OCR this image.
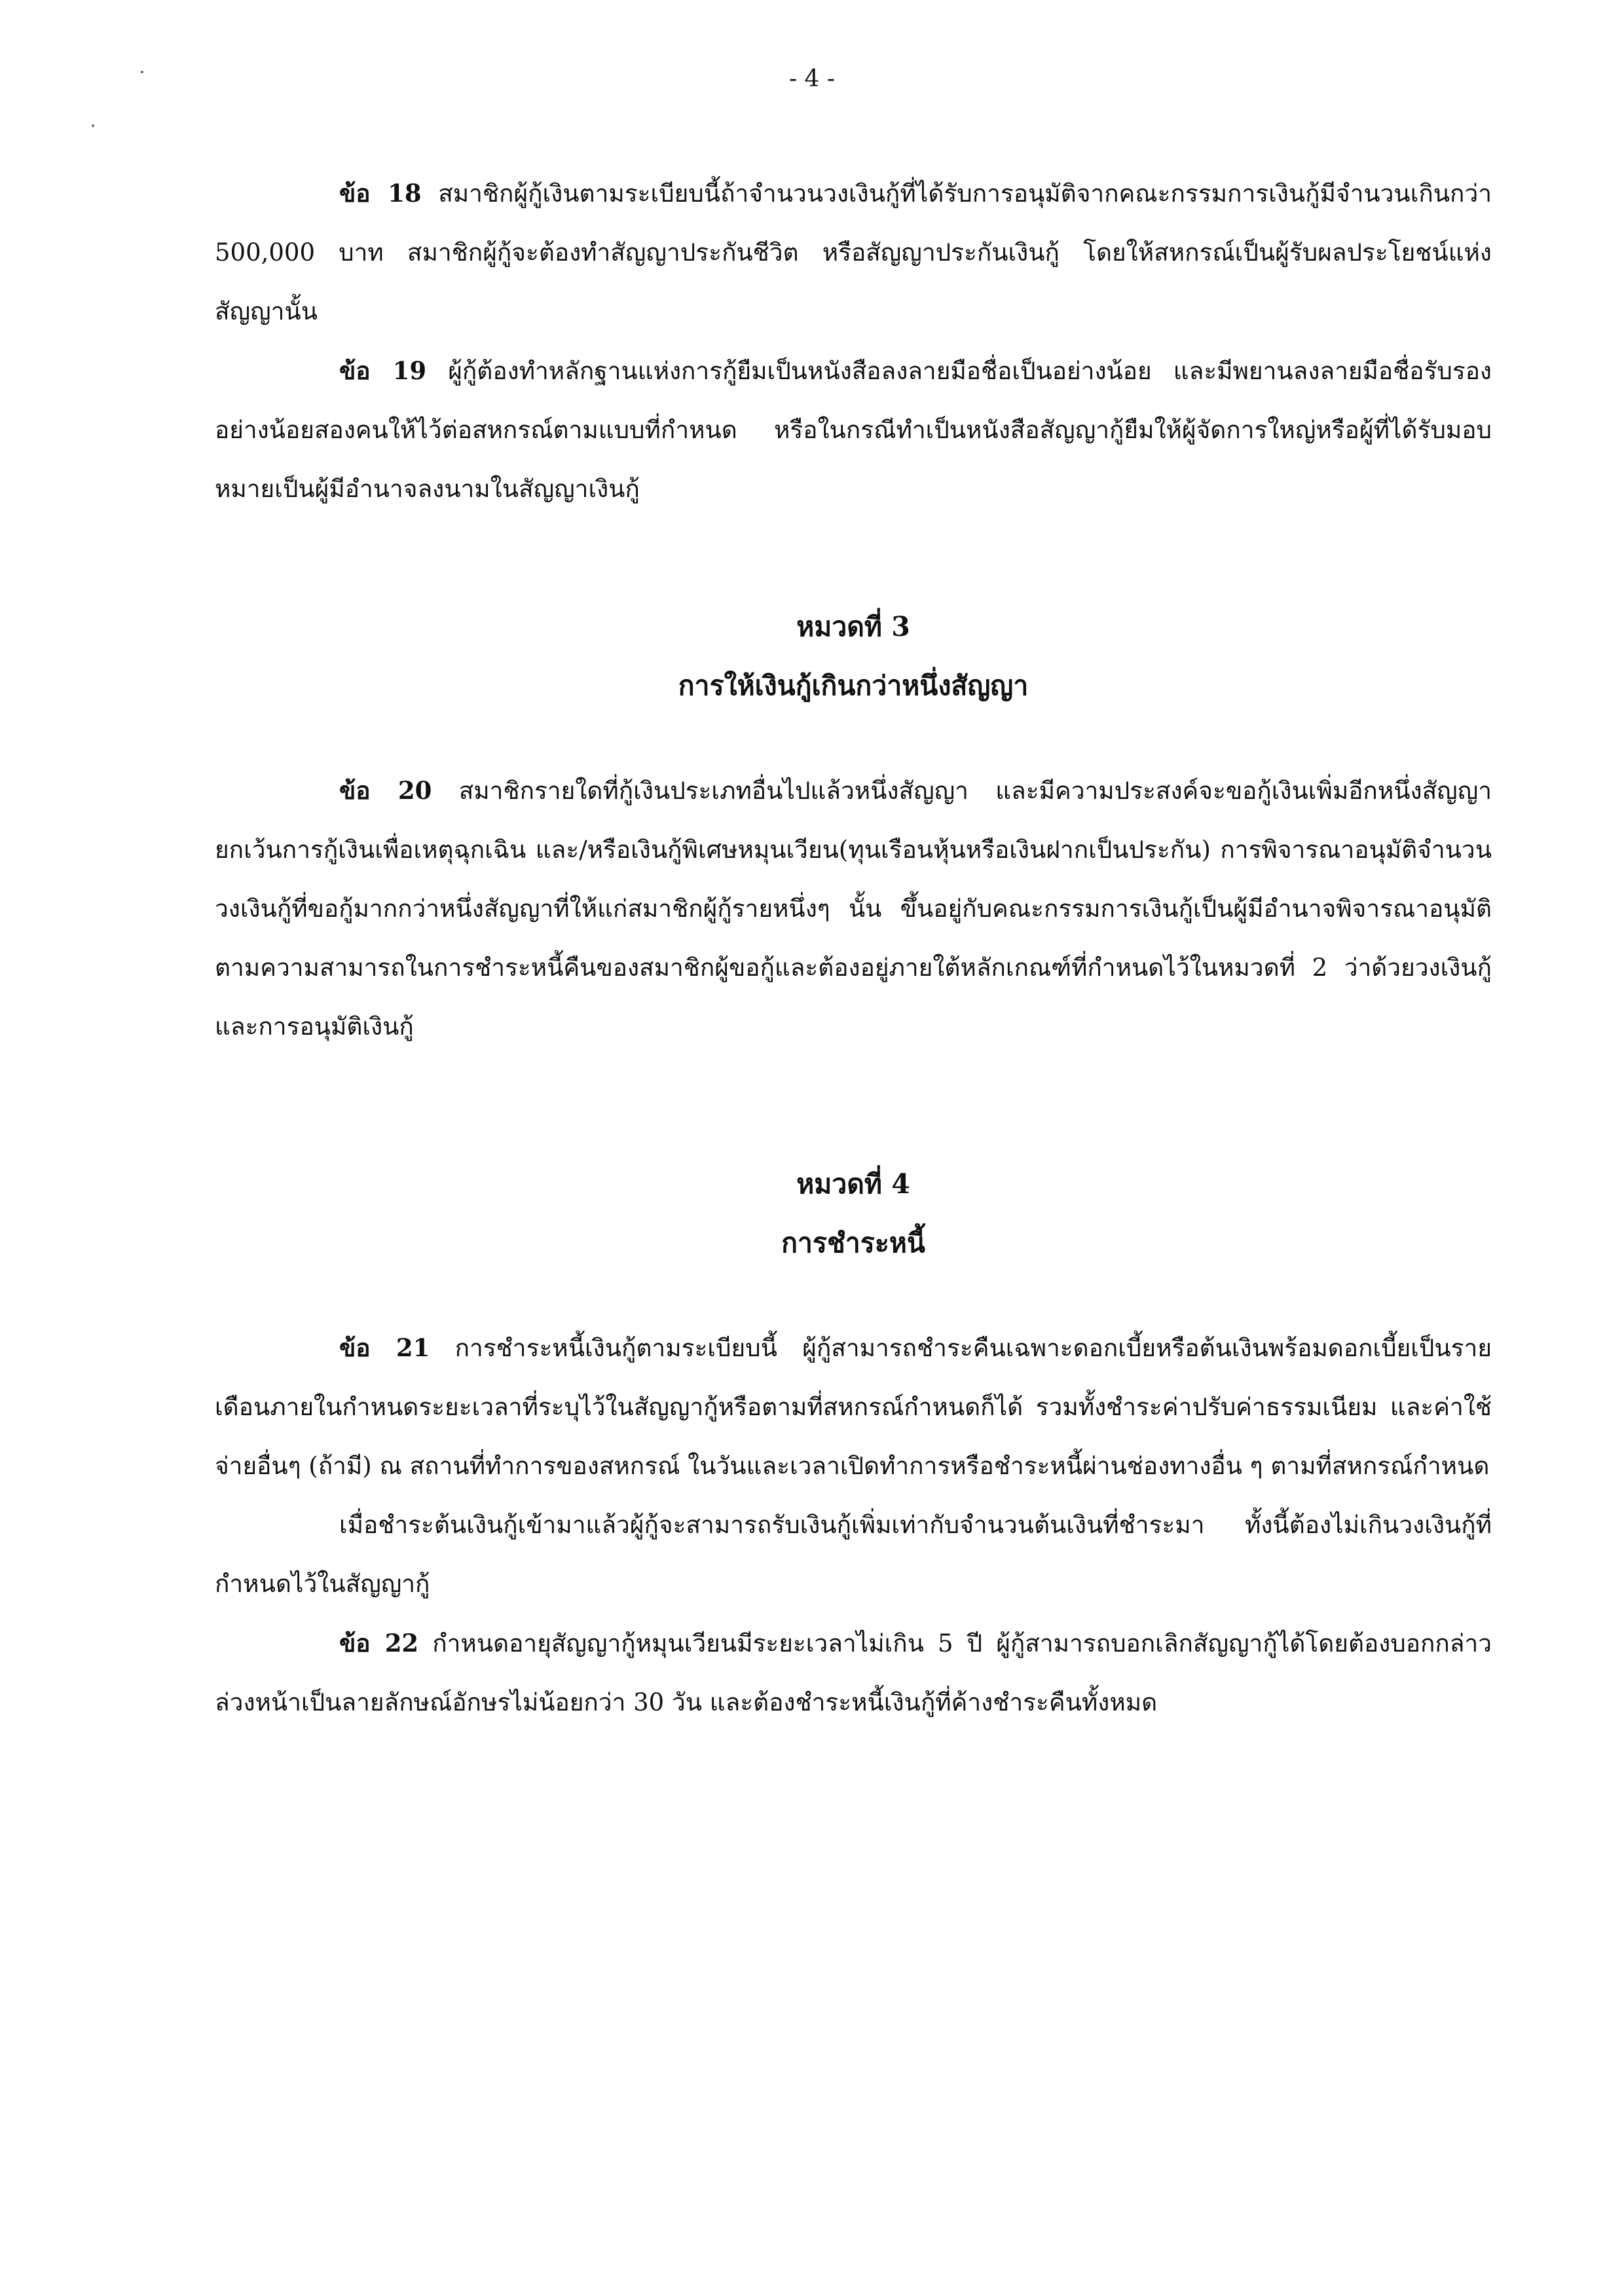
- 4 -

ข้อ 18 สมาชิกผู้กู้เงินตามระเบียบนี้ถ้าจำนวนวงเงินกู้ที่ได้รับการอนุมัติจากคณะกรรมการเงินกู้มีจำนวนเกินกว่า 500,000 บาท สมาชิกผู้กู้จะต้องทำสัญญาประกันชีวิต หรือสัญญาประกันเงินกู้ โดยให้สหกรณ์เป็นผู้รับผลประโยชน์แห่งสัญญานั้น

ข้อ 19 ผู้กู้ต้องทำหลักฐานแห่งการกู้ยืมเป็นหนังสือลงลายมือชื่อเป็นอย่างน้อย และมีพยานลงลายมือชื่อรับรองอย่างน้อยสองคนให้ไว้ต่อสหกรณ์ตามแบบที่กำหนด หรือในกรณีทำเป็นหนังสือสัญญากู้ยืมให้ผู้จัดการใหญ่หรือผู้ที่ได้รับมอบหมายเป็นผู้มีอำนาจลงนามในสัญญาเงินกู้

หมวดที่ 3
การให้เงินกู้เกินกว่าหนึ่งสัญญา

ข้อ 20 สมาชิกรายใดที่กู้เงินประเภทอื่นไปแล้วหนึ่งสัญญา และมีความประสงค์จะขอกู้เงินเพิ่มอีกหนึ่งสัญญา ยกเว้นการกู้เงินเพื่อเหตุฉุกเฉิน และ/หรือเงินกู้พิเศษหมุนเวียน(ทุนเรือนหุ้นหรือเงินฝากเป็นประกัน) การพิจารณาอนุมัติจำนวนวงเงินกู้ที่ขอกู้มากกว่าหนึ่งสัญญาที่ให้แก่สมาชิกผู้กู้รายหนึ่งๆ นั้น ขึ้นอยู่กับคณะกรรมการเงินกู้เป็นผู้มีอำนาจพิจารณาอนุมัติ ตามความสามารถในการชำระหนี้คืนของสมาชิกผู้ขอกู้และต้องอยู่ภายใต้หลักเกณฑ์ที่กำหนดไว้ในหมวดที่ 2 ว่าด้วยวงเงินกู้และการอนุมัติเงินกู้

หมวดที่ 4
การชำระหนี้

ข้อ 21 การชำระหนี้เงินกู้ตามระเบียบนี้ ผู้กู้สามารถชำระคืนเฉพาะดอกเบี้ยหรือต้นเงินพร้อมดอกเบี้ยเป็นรายเดือนภายในกำหนดระยะเวลาที่ระบุไว้ในสัญญากู้หรือตามที่สหกรณ์กำหนดก็ได้ รวมทั้งชำระค่าปรับค่าธรรมเนียม และค่าใช้จ่ายอื่นๆ (ถ้ามี) ณ สถานที่ทำการของสหกรณ์ ในวันและเวลาเปิดทำการหรือชำระหนี้ผ่านช่องทางอื่น ๆ ตามที่สหกรณ์กำหนด

เมื่อชำระต้นเงินกู้เข้ามาแล้วผู้กู้จะสามารถรับเงินกู้เพิ่มเท่ากับจำนวนต้นเงินที่ชำระมา ทั้งนี้ต้องไม่เกินวงเงินกู้ที่กำหนดไว้ในสัญญากู้

ข้อ 22 กำหนดอายุสัญญากู้หมุนเวียนมีระยะเวลาไม่เกิน 5 ปี ผู้กู้สามารถบอกเลิกสัญญากู้ได้โดยต้องบอกกล่าวล่วงหน้าเป็นลายลักษณ์อักษรไม่น้อยกว่า 30 วัน และต้องชำระหนี้เงินกู้ที่ค้างชำระคืนทั้งหมด
